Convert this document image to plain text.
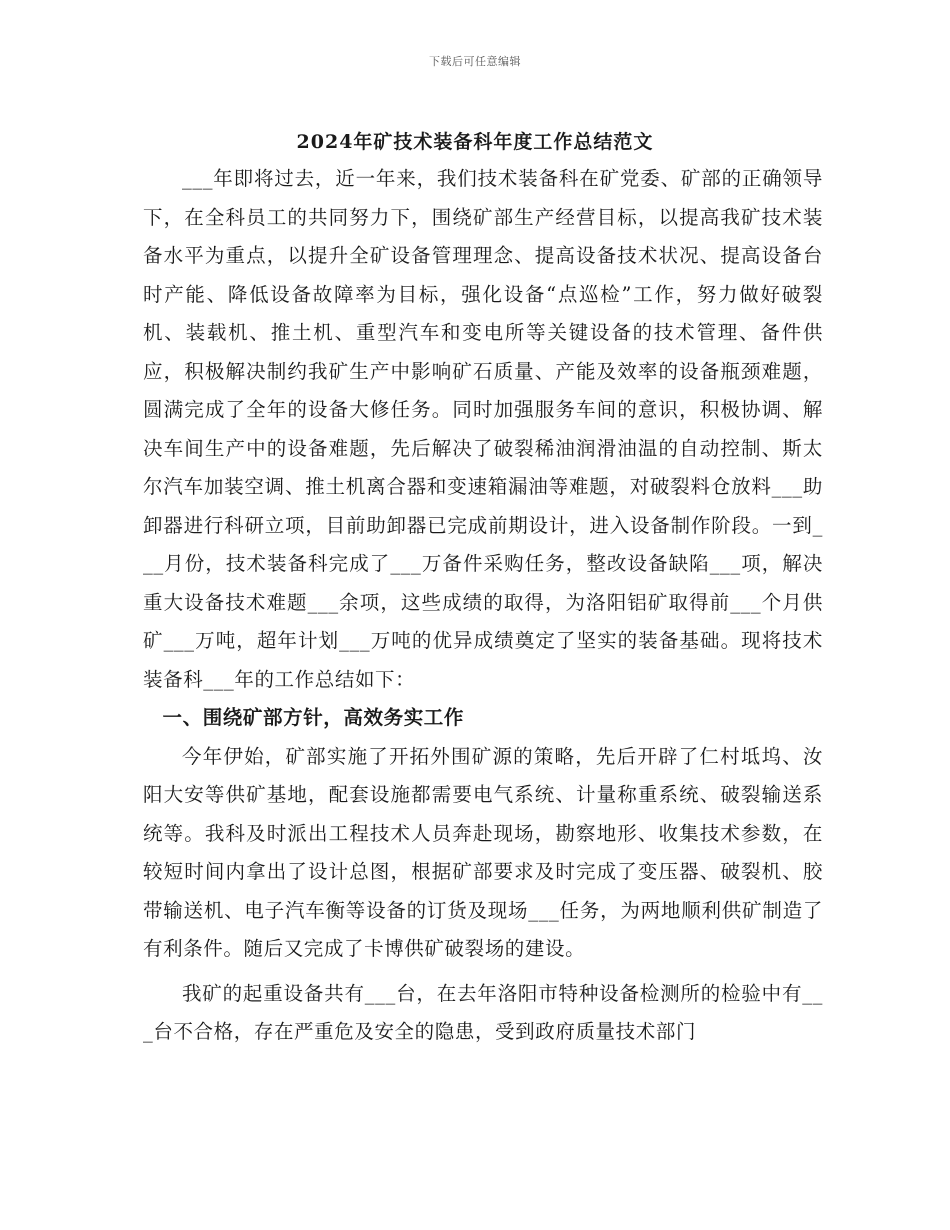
下载后可任意编辑
2024年矿技术装备科年度工作总结范文

___年即将过去，近一年来，我们技术装备科在矿党委、矿部的正确领导下，在全科员工的共同努力下，围绕矿部生产经营目标，以提高我矿技术装备水平为重点，以提升全矿设备管理理念、提高设备技术状况、提高设备台时产能、降低设备故障率为目标，强化设备“点巡检”工作，努力做好破裂机、装载机、推土机、重型汽车和变电所等关键设备的技术管理、备件供应，积极解决制约我矿生产中影响矿石质量、产能及效率的设备瓶颈难题，圆满完成了全年的设备大修任务。同时加强服务车间的意识，积极协调、解决车间生产中的设备难题，先后解决了破裂稀油润滑油温的自动控制、斯太尔汽车加装空调、推土机离合器和变速箱漏油等难题，对破裂料仓放料___助卸器进行科研立项，目前助卸器已完成前期设计，进入设备制作阶段。一到___月份，技术装备科完成了___万备件采购任务，整改设备缺陷___项，解决重大设备技术难题___余项，这些成绩的取得，为洛阳铝矿取得前___个月供矿___万吨，超年计划___万吨的优异成绩奠定了坚实的装备基础。现将技术装备科___年的工作总结如下：

一、围绕矿部方针，高效务实工作

今年伊始，矿部实施了开拓外围矿源的策略，先后开辟了仁村坻坞、汝阳大安等供矿基地，配套设施都需要电气系统、计量称重系统、破裂输送系统等。我科及时派出工程技术人员奔赴现场，勘察地形、收集技术参数，在较短时间内拿出了设计总图，根据矿部要求及时完成了变压器、破裂机、胶带输送机、电子汽车衡等设备的订货及现场___任务，为两地顺利供矿制造了有利条件。随后又完成了卡博供矿破裂场的建设。

我矿的起重设备共有___台，在去年洛阳市特种设备检测所的检验中有___台不合格，存在严重危及安全的隐患，受到政府质量技术部门
